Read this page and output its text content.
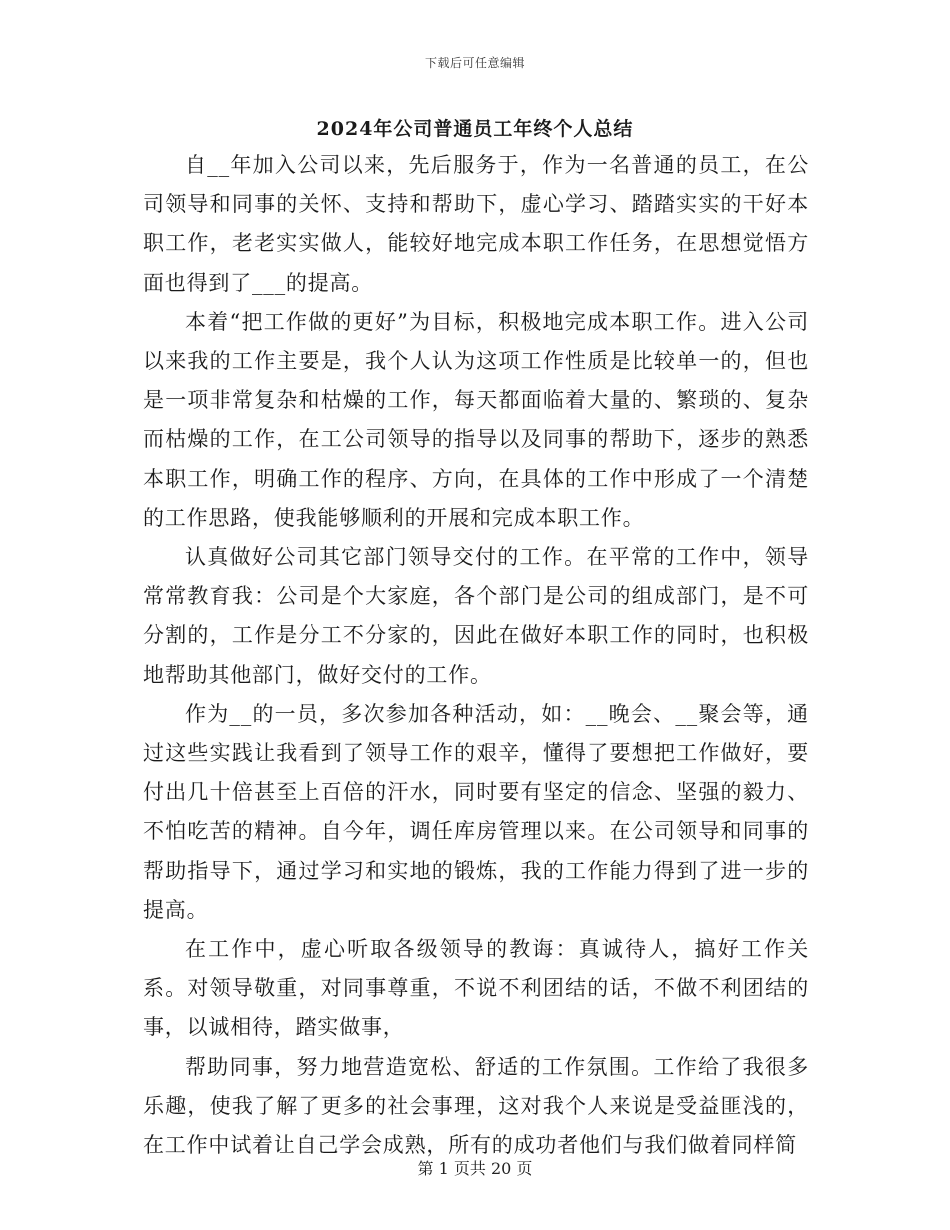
下载后可任意编辑
2024年公司普通员工年终个人总结

自__年加入公司以来，先后服务于，作为一名普通的员工，在公司领导和同事的关怀、支持和帮助下，虚心学习、踏踏实实的干好本职工作，老老实实做人，能较好地完成本职工作任务，在思想觉悟方面也得到了___的提高。

本着“把工作做的更好”为目标，积极地完成本职工作。进入公司以来我的工作主要是，我个人认为这项工作性质是比较单一的，但也是一项非常复杂和枯燥的工作，每天都面临着大量的、繁琐的、复杂而枯燥的工作，在工公司领导的指导以及同事的帮助下，逐步的熟悉本职工作，明确工作的程序、方向，在具体的工作中形成了一个清楚的工作思路，使我能够顺利的开展和完成本职工作。

认真做好公司其它部门领导交付的工作。在平常的工作中，领导常常教育我：公司是个大家庭，各个部门是公司的组成部门，是不可分割的，工作是分工不分家的，因此在做好本职工作的同时，也积极地帮助其他部门，做好交付的工作。

作为__的一员，多次参加各种活动，如：__晚会、__聚会等，通过这些实践让我看到了领导工作的艰辛，懂得了要想把工作做好，要付出几十倍甚至上百倍的汗水，同时要有坚定的信念、坚强的毅力、不怕吃苦的精神。自今年，调任库房管理以来。在公司领导和同事的帮助指导下，通过学习和实地的锻炼，我的工作能力得到了进一步的提高。

在工作中，虚心听取各级领导的教诲：真诚待人，搞好工作关系。对领导敬重，对同事尊重，不说不利团结的话，不做不利团结的事，以诚相待，踏实做事，

帮助同事，努力地营造宽松、舒适的工作氛围。工作给了我很多乐趣，使我了解了更多的社会事理，这对我个人来说是受益匪浅的，在工作中试着让自己学会成熟，所有的成功者他们与我们做着同样简

第 1 页共 20 页
